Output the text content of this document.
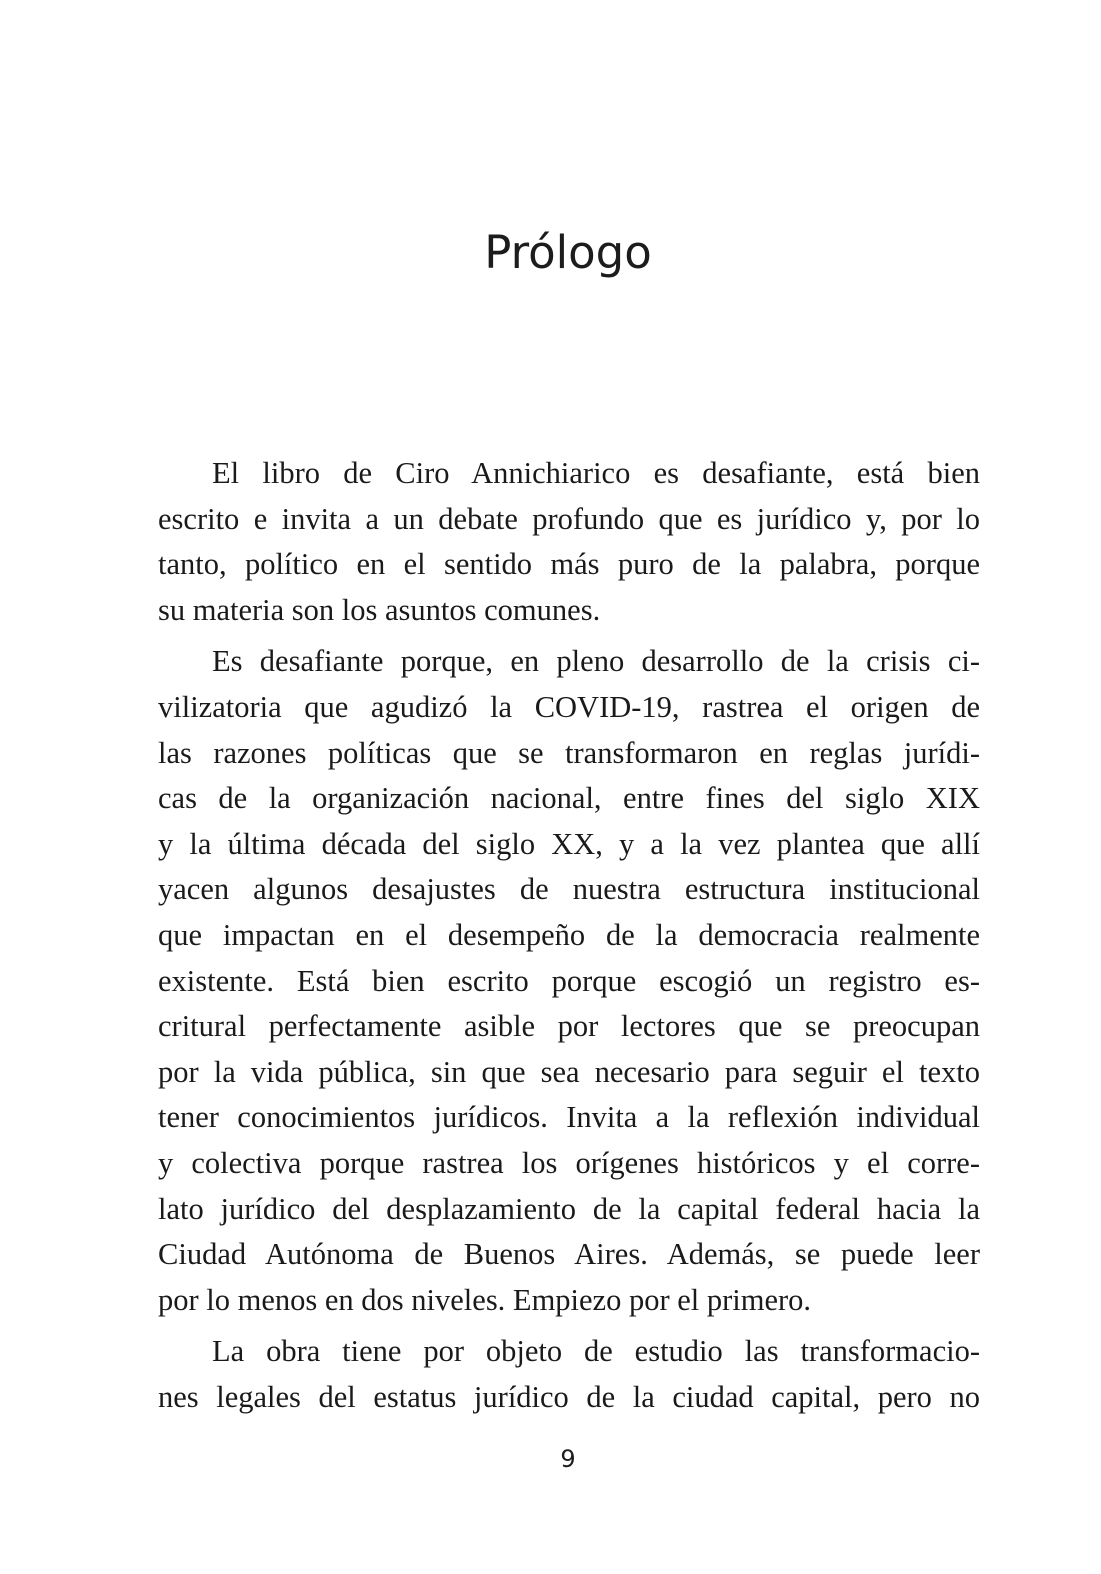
Prólogo

El libro de Ciro Annichiarico es desafiante, está bien
escrito e invita a un debate profundo que es jurídico y, por lo
tanto, político en el sentido más puro de la palabra, porque
su materia son los asuntos comunes.

Es desafiante porque, en pleno desarrollo de la crisis ci-
vilizatoria que agudizó la COVID-19, rastrea el origen de
las razones políticas que se transformaron en reglas jurídi-
cas de la organización nacional, entre fines del siglo XIX
y la última década del siglo XX, y a la vez plantea que allí
yacen algunos desajustes de nuestra estructura institucional
que impactan en el desempeño de la democracia realmente
existente. Está bien escrito porque escogió un registro es-
critural perfectamente asible por lectores que se preocupan
por la vida pública, sin que sea necesario para seguir el texto
tener conocimientos jurídicos. Invita a la reflexión individual
y colectiva porque rastrea los orígenes históricos y el corre-
lato jurídico del desplazamiento de la capital federal hacia la
Ciudad Autónoma de Buenos Aires. Además, se puede leer
por lo menos en dos niveles. Empiezo por el primero.

La obra tiene por objeto de estudio las transformacio-
nes legales del estatus jurídico de la ciudad capital, pero no

9
